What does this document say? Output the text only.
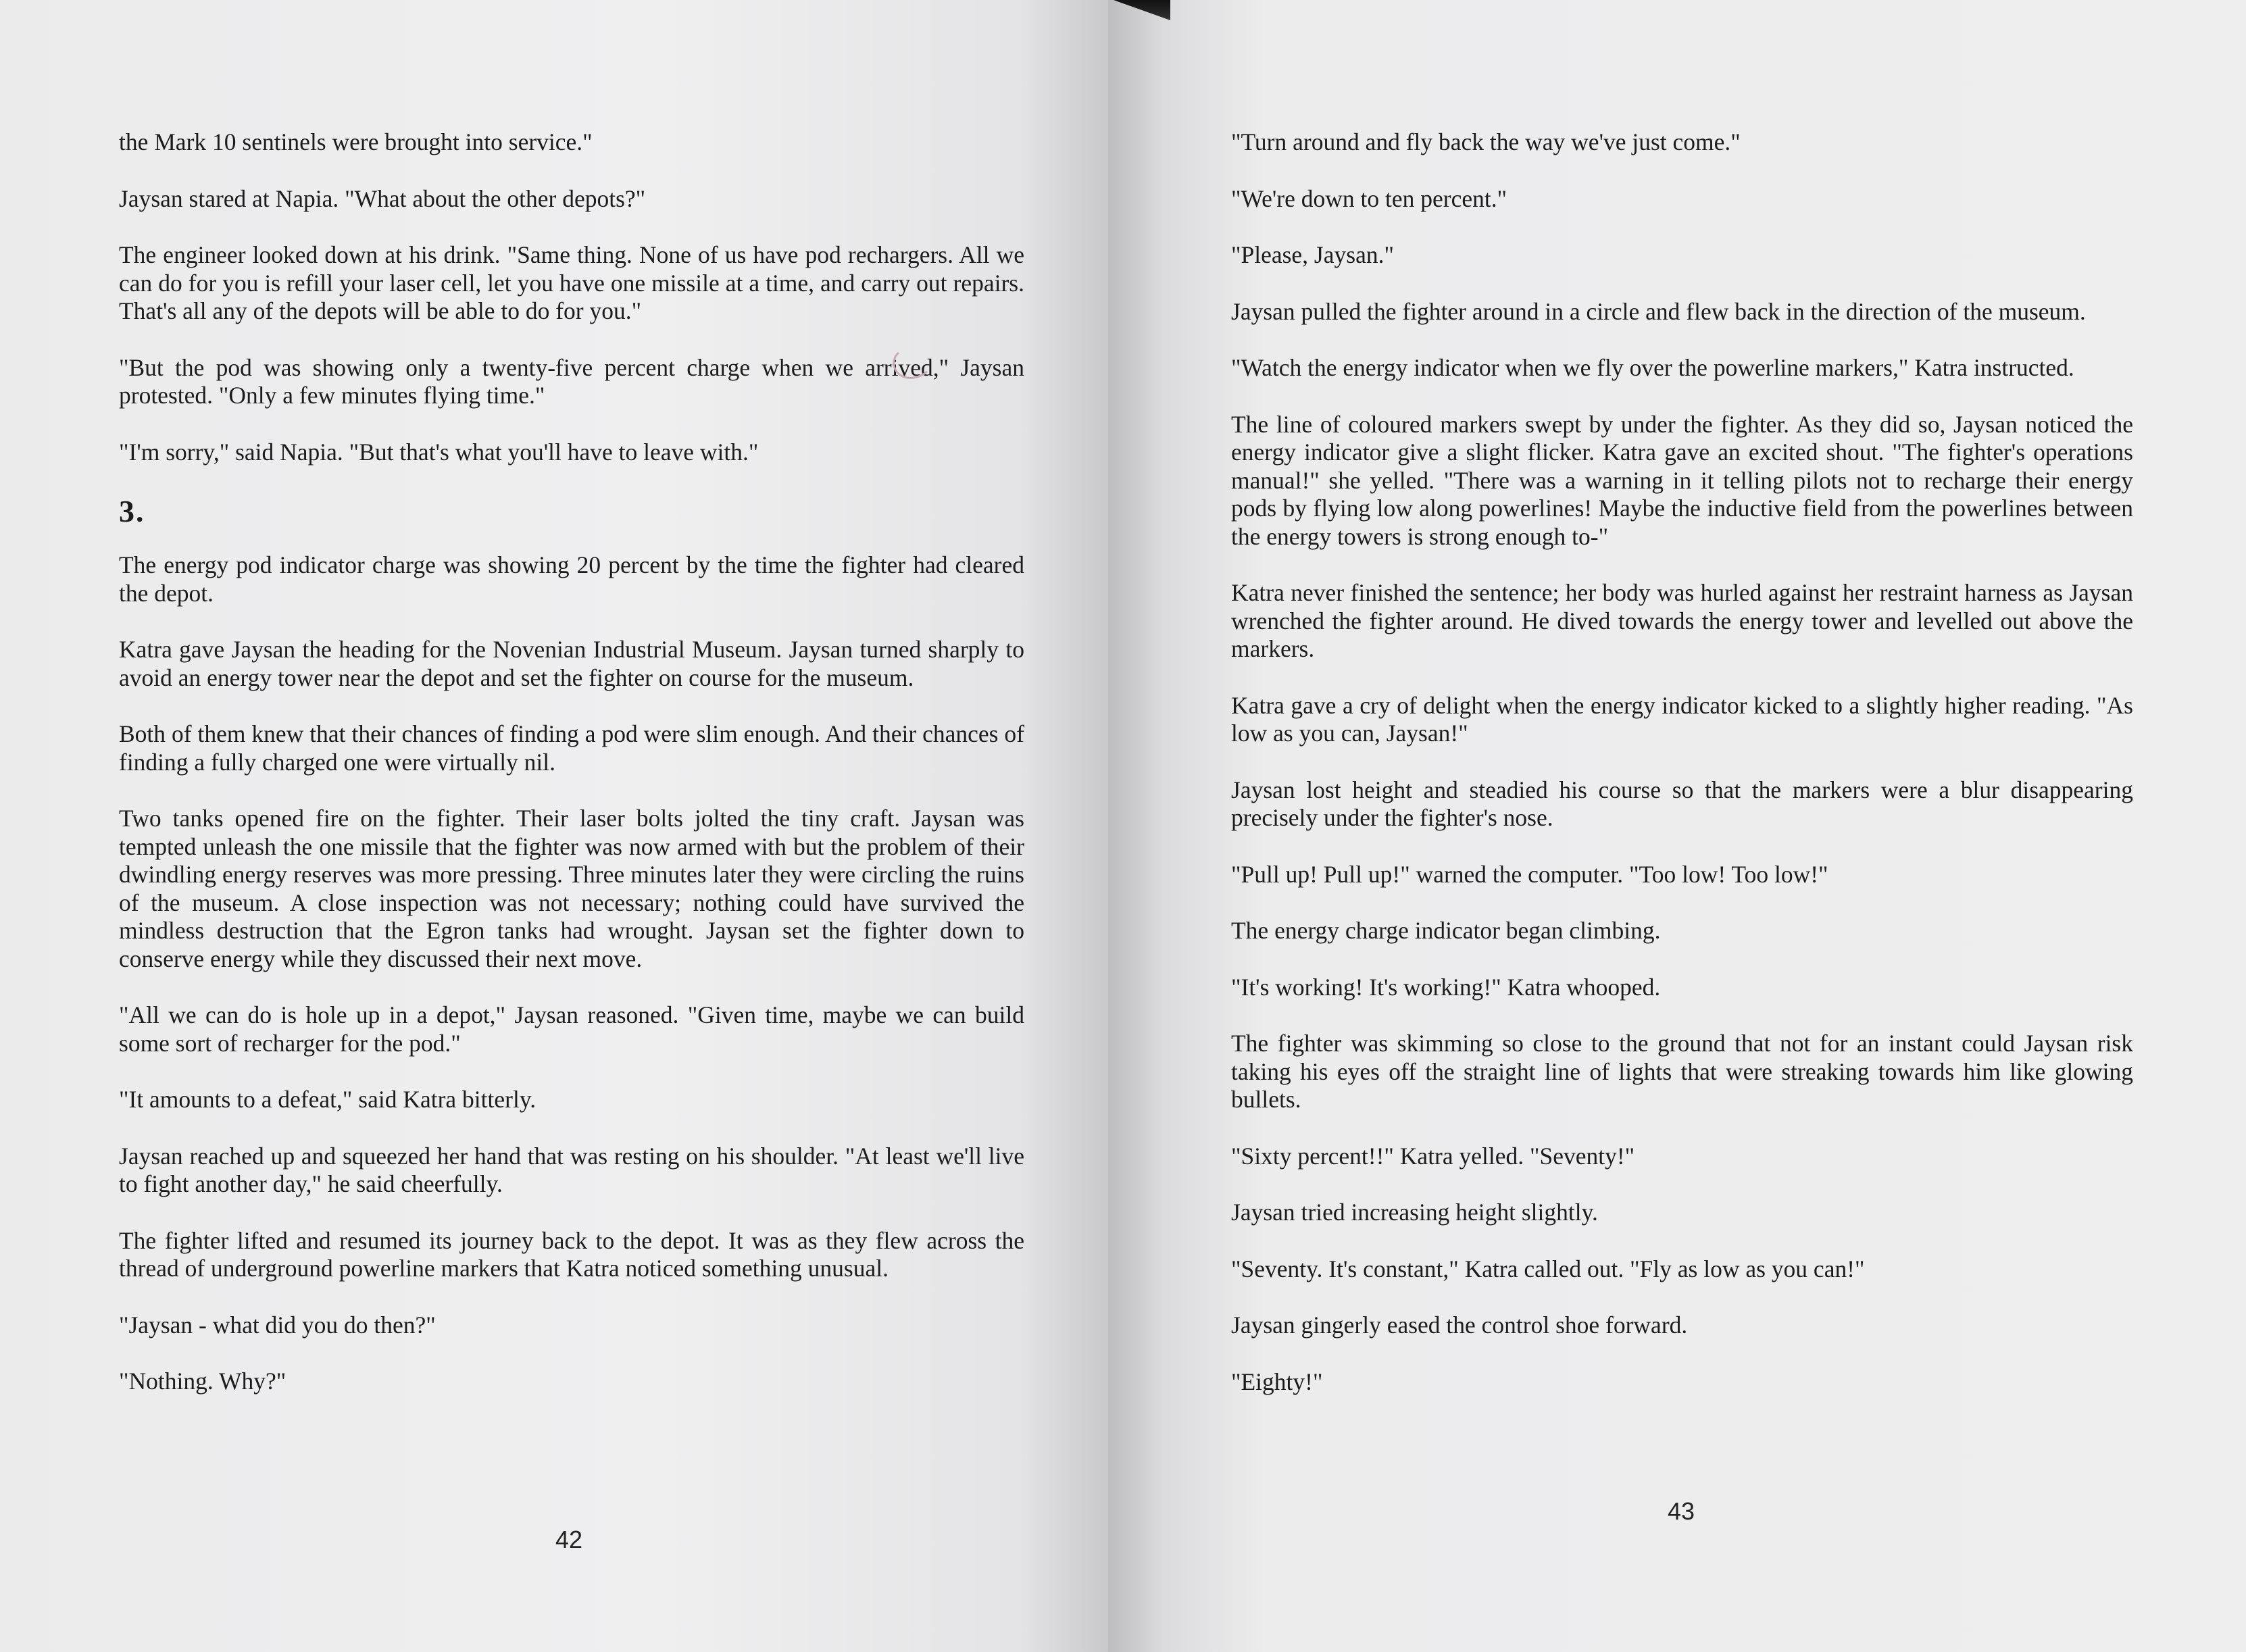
the Mark 10 sentinels were brought into service."

Jaysan stared at Napia. "What about the other depots?"

The engineer looked down at his drink. "Same thing. None of us have pod rechargers. All we can do for you is refill your laser cell, let you have one missile at a time, and carry out repairs. That's all any of the depots will be able to do for you."

"But the pod was showing only a twenty-five percent charge when we arrived," Jaysan protested. "Only a few minutes flying time."

"I'm sorry," said Napia. "But that's what you'll have to leave with."

3.

The energy pod indicator charge was showing 20 percent by the time the fighter had cleared the depot.

Katra gave Jaysan the heading for the Novenian Industrial Museum. Jaysan turned sharply to avoid an energy tower near the depot and set the fighter on course for the museum.

Both of them knew that their chances of finding a pod were slim enough. And their chances of finding a fully charged one were virtually nil.

Two tanks opened fire on the fighter. Their laser bolts jolted the tiny craft. Jaysan was tempted unleash the one missile that the fighter was now armed with but the problem of their dwindling energy reserves was more pressing. Three minutes later they were circling the ruins of the museum. A close inspection was not necessary; nothing could have survived the mindless destruction that the Egron tanks had wrought. Jaysan set the fighter down to conserve energy while they discussed their next move.

"All we can do is hole up in a depot," Jaysan reasoned. "Given time, maybe we can build some sort of recharger for the pod."

"It amounts to a defeat," said Katra bitterly.

Jaysan reached up and squeezed her hand that was resting on his shoulder. "At least we'll live to fight another day," he said cheerfully.

The fighter lifted and resumed its journey back to the depot. It was as they flew across the thread of underground powerline markers that Katra noticed something unusual.

"Jaysan - what did you do then?"

"Nothing. Why?"

42

"Turn around and fly back the way we've just come."

"We're down to ten percent."

"Please, Jaysan."

Jaysan pulled the fighter around in a circle and flew back in the direction of the museum.

"Watch the energy indicator when we fly over the powerline markers," Katra instructed.

The line of coloured markers swept by under the fighter. As they did so, Jaysan noticed the energy indicator give a slight flicker. Katra gave an excited shout. "The fighter's operations manual!" she yelled. "There was a warning in it telling pilots not to recharge their energy pods by flying low along powerlines! Maybe the inductive field from the powerlines between the energy towers is strong enough to-"

Katra never finished the sentence; her body was hurled against her restraint harness as Jaysan wrenched the fighter around. He dived towards the energy tower and levelled out above the markers.

Katra gave a cry of delight when the energy indicator kicked to a slightly higher reading. "As low as you can, Jaysan!"

Jaysan lost height and steadied his course so that the markers were a blur disappearing precisely under the fighter's nose.

"Pull up! Pull up!" warned the computer. "Too low! Too low!"

The energy charge indicator began climbing.

"It's working! It's working!" Katra whooped.

The fighter was skimming so close to the ground that not for an instant could Jaysan risk taking his eyes off the straight line of lights that were streaking towards him like glowing bullets.

"Sixty percent!!" Katra yelled. "Seventy!"

Jaysan tried increasing height slightly.

"Seventy. It's constant," Katra called out. "Fly as low as you can!"

Jaysan gingerly eased the control shoe forward.

"Eighty!"

43
